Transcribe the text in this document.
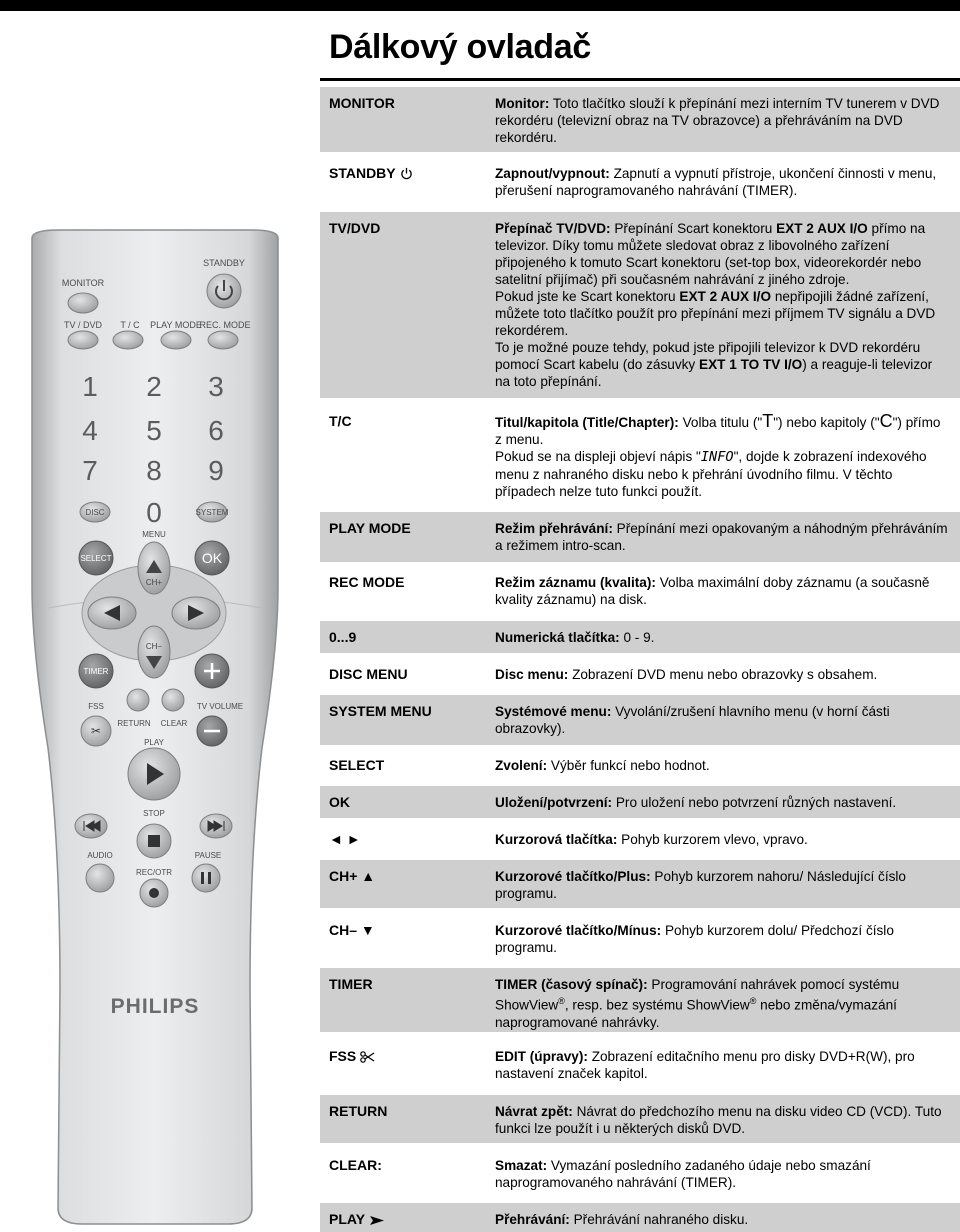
Dálkový ovladač
STANDBY
MONITOR
TV / DVD T / C PLAY MODE
REC. MODE
1 2 3
4 5 6
7 8 9
0
DISC
MENU
SYSTEM
SELECT	OK
CH+
CH−
TIMER
FSS
✂
RETURN CLEAR
TV VOLUME
PLAY
STOP
AUDIO	PAUSE
REC/OTR
PHILIPS
MONITOR	Monitor: Toto tlačítko slouží k přepínání mezi interním TV tunerem v DVD rekordéru (televizní obraz na TV obrazovce) a přehráváním na DVD rekordéru.
STANDBY	Zapnout/vypnout: Zapnutí a vypnutí přístroje, ukončení činnosti v menu, přerušení naprogramovaného nahrávání (TIMER).
TV/DVD	Přepínač TV/DVD: Přepínání Scart konektoru EXT 2 AUX I/O přímo na televizor. Díky tomu můžete sledovat obraz z libovolného zařízení připojeného k tomuto Scart konektoru (set-top box, videorekordér nebo satelitní přijímač) při současném nahrávání z jiného zdroje.
Pokud jste ke Scart konektoru EXT 2 AUX I/O nepřipojili žádné zařízení, můžete toto tlačítko použít pro přepínání mezi příjmem TV signálu a DVD rekordérem.
To je možné pouze tehdy, pokud jste připojili televizor k DVD rekordéru pomocí Scart kabelu (do zásuvky EXT 1 TO TV I/O) a reaguje-li televizor na toto přepínání.
T/C	Titul/kapitola (Title/Chapter): Volba titulu ("T") nebo kapitoly ("C") přímo z menu.
Pokud se na displeji objeví nápis "INFO", dojde k zobrazení indexového menu z nahraného disku nebo k přehrání úvodního filmu. V těchto případech nelze tuto funkci použít.
PLAY MODE	Režim přehrávání: Přepínání mezi opakovaným a náhodným přehráváním a režimem intro-scan.
REC MODE	Režim záznamu (kvalita): Volba maximální doby záznamu (a současně kvality záznamu) na disk.
0...9	Numerická tlačítka: 0 - 9.
DISC MENU	Disc menu: Zobrazení DVD menu nebo obrazovky s obsahem.
SYSTEM MENU	Systémové menu: Vyvolání/zrušení hlavního menu (v horní části obrazovky).
SELECT	Zvolení: Výběr funkcí nebo hodnot.
OK	Uložení/potvrzení: Pro uložení nebo potvrzení různých nastavení.
◄ ►	Kurzorová tlačítka: Pohyb kurzorem vlevo, vpravo.
CH+ ▲	Kurzorové tlačítko/Plus: Pohyb kurzorem nahoru/ Následující číslo programu.
CH– ▼	Kurzorové tlačítko/Mínus: Pohyb kurzorem dolu/ Předchozí číslo programu.
TIMER	TIMER (časový spínač): Programování nahrávek pomocí systému ShowView®, resp. bez systému ShowView® nebo změna/vymazání naprogramované nahrávky.
FSS	EDIT (úpravy): Zobrazení editačního menu pro disky DVD+R(W), pro nastavení značek kapitol.
RETURN	Návrat zpět: Návrat do předchozího menu na disku video CD (VCD). Tuto funkci lze použít i u některých disků DVD.
CLEAR:	Smazat: Vymazání posledního zadaného údaje nebo smazání naprogramovaného nahrávání (TIMER).
PLAY	Přehrávání: Přehrávání nahraného disku.
